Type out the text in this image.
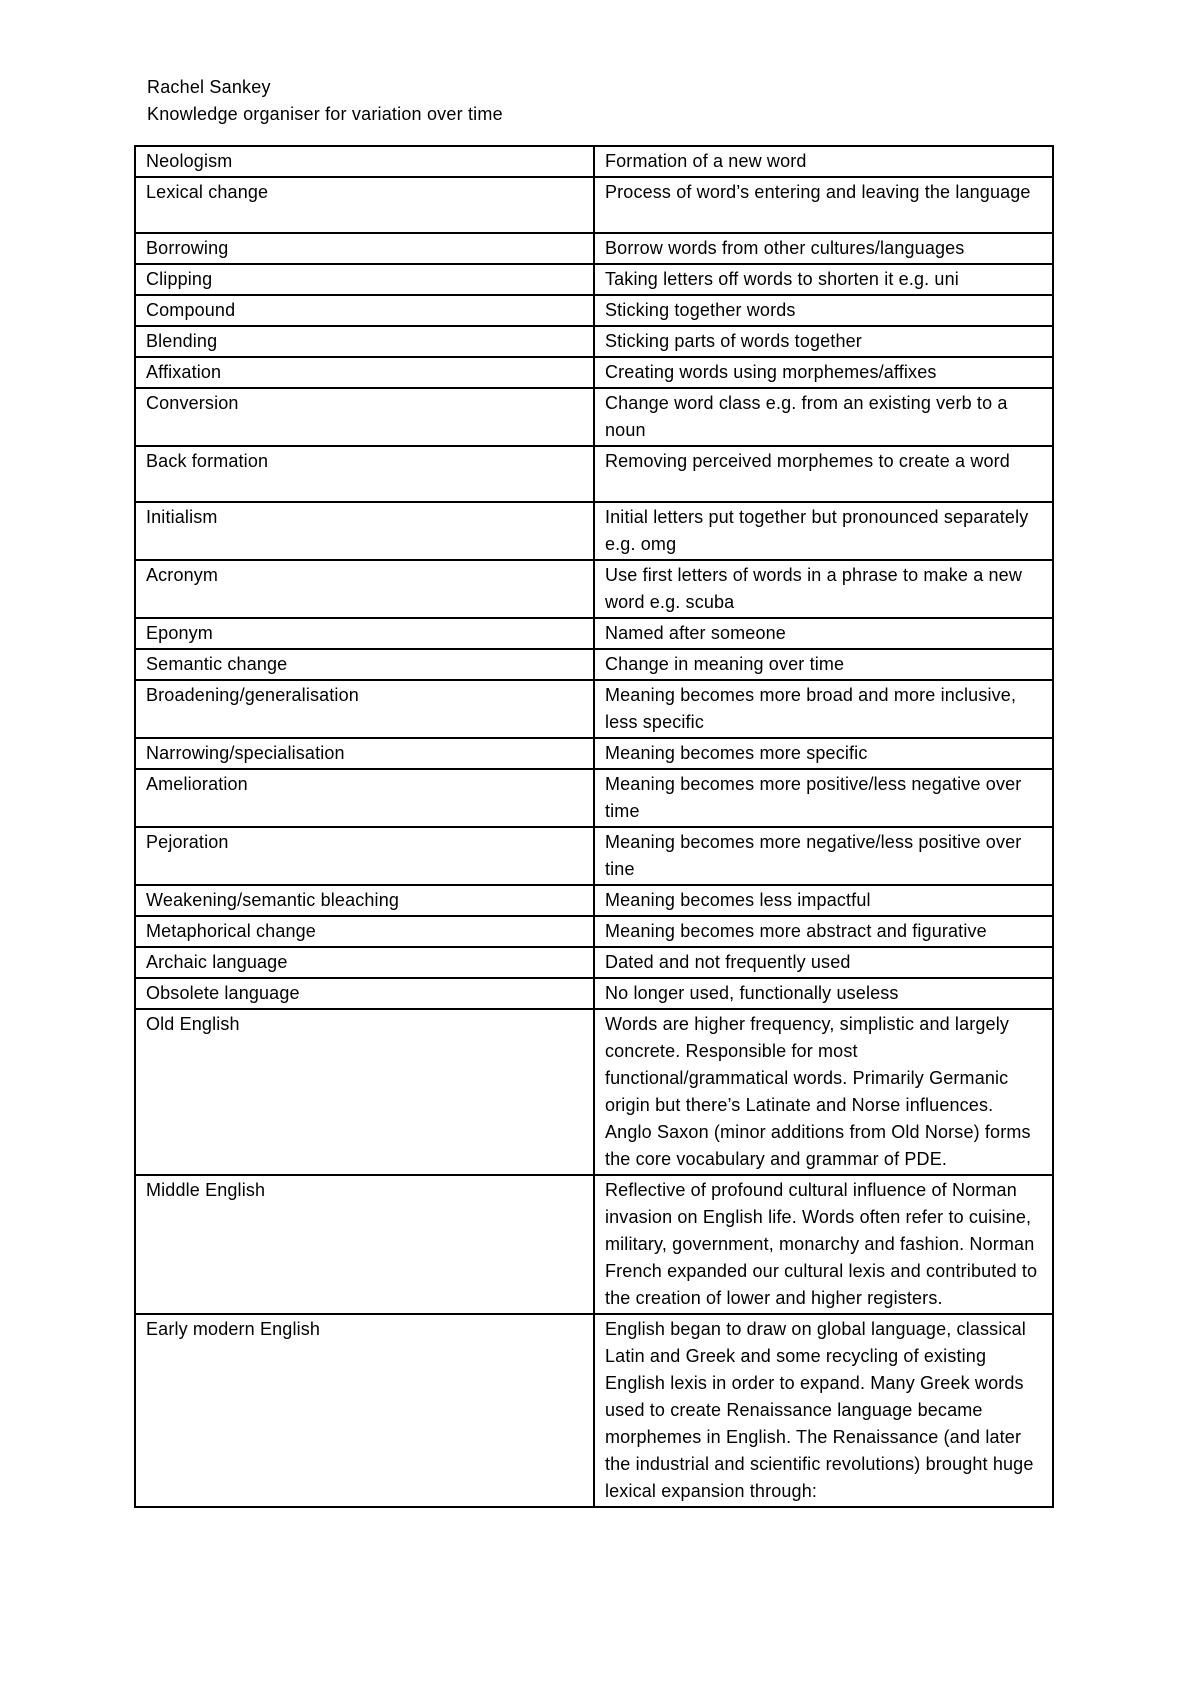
Rachel Sankey
Knowledge organiser for variation over time
Neologism	Formation of a new word
Lexical change	Process of word’s entering and leaving the language
Borrowing	Borrow words from other cultures/languages
Clipping	Taking letters off words to shorten it e.g. uni
Compound	Sticking together words
Blending	Sticking parts of words together
Affixation	Creating words using morphemes/affixes
Conversion	Change word class e.g. from an existing verb to a noun
Back formation	Removing perceived morphemes to create a word
Initialism	Initial letters put together but pronounced separately e.g. omg
Acronym	Use first letters of words in a phrase to make a new word e.g. scuba
Eponym	Named after someone
Semantic change	Change in meaning over time
Broadening/generalisation	Meaning becomes more broad and more inclusive, less specific
Narrowing/specialisation	Meaning becomes more specific
Amelioration	Meaning becomes more positive/less negative over time
Pejoration	Meaning becomes more negative/less positive over tine
Weakening/semantic bleaching	Meaning becomes less impactful
Metaphorical change	Meaning becomes more abstract and figurative
Archaic language	Dated and not frequently used
Obsolete language	No longer used, functionally useless
Old English	Words are higher frequency, simplistic and largely concrete. Responsible for most functional/grammatical words. Primarily Germanic origin but there’s Latinate and Norse influences. Anglo Saxon (minor additions from Old Norse) forms the core vocabulary and grammar of PDE.
Middle English	Reflective of profound cultural influence of Norman invasion on English life. Words often refer to cuisine, military, government, monarchy and fashion. Norman French expanded our cultural lexis and contributed to the creation of lower and higher registers.
Early modern English	English began to draw on global language, classical Latin and Greek and some recycling of existing English lexis in order to expand. Many Greek words used to create Renaissance language became morphemes in English. The Renaissance (and later the industrial and scientific revolutions) brought huge lexical expansion through:
